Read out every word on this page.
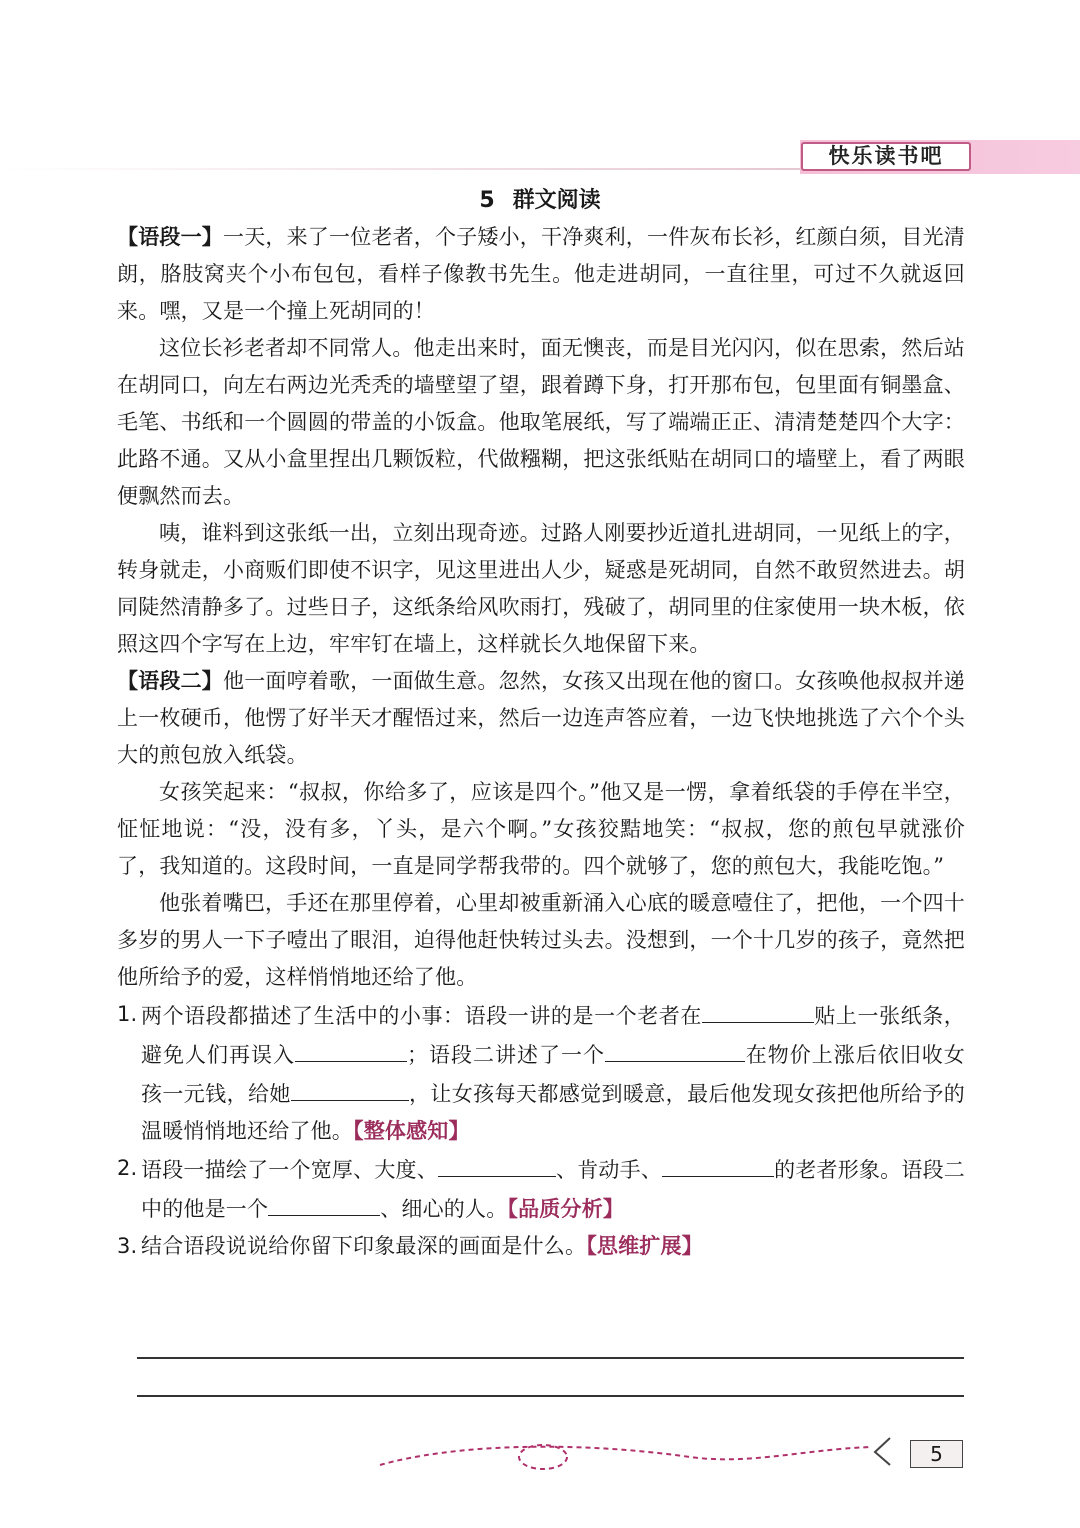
快乐读书吧
5 群文阅读

【语段一】一天，来了一位老者，个子矮小，干净爽利，一件灰布长衫，红颜白须，目光清朗，胳肢窝夹个小布包包，看样子像教书先生。他走进胡同，一直往里，可过不久就返回来。嘿，又是一个撞上死胡同的！

这位长衫老者却不同常人。他走出来时，面无懊丧，而是目光闪闪，似在思索，然后站在胡同口，向左右两边光秃秃的墙壁望了望，跟着蹲下身，打开那布包，包里面有铜墨盒、毛笔、书纸和一个圆圆的带盖的小饭盒。他取笔展纸，写了端端正正、清清楚楚四个大字：此路不通。又从小盒里捏出几颗饭粒，代做糨糊，把这张纸贴在胡同口的墙壁上，看了两眼便飘然而去。

咦，谁料到这张纸一出，立刻出现奇迹。过路人刚要抄近道扎进胡同，一见纸上的字，转身就走，小商贩们即使不识字，见这里进出人少，疑惑是死胡同，自然不敢贸然进去。胡同陡然清静多了。过些日子，这纸条给风吹雨打，残破了，胡同里的住家使用一块木板，依照这四个字写在上边，牢牢钉在墙上，这样就长久地保留下来。

【语段二】他一面哼着歌，一面做生意。忽然，女孩又出现在他的窗口。女孩唤他叔叔并递上一枚硬币，他愣了好半天才醒悟过来，然后一边连声答应着，一边飞快地挑选了六个个头大的煎包放入纸袋。

女孩笑起来：“叔叔，你给多了，应该是四个。”他又是一愣，拿着纸袋的手停在半空，怔怔地说：“没，没有多，丫头，是六个啊。”女孩狡黠地笑：“叔叔，您的煎包早就涨价了，我知道的。这段时间，一直是同学帮我带的。四个就够了，您的煎包大，我能吃饱。”

他张着嘴巴，手还在那里停着，心里却被重新涌入心底的暖意噎住了，把他，一个四十多岁的男人一下子噎出了眼泪，迫得他赶快转过头去。没想到，一个十几岁的孩子，竟然把他所给予的爱，这样悄悄地还给了他。

1. 两个语段都描述了生活中的小事：语段一讲的是一个老者在	贴上一张纸条，避免人们再误入	；语段二讲述了一个	在物价上涨后依旧收女孩一元钱，给她	，让女孩每天都感觉到暖意，最后他发现女孩把他所给予的温暖悄悄地还给了他。【整体感知】
2. 语段一描绘了一个宽厚、大度、	、肯动手、	的老者形象。语段二中的他是一个	、细心的人。【品质分析】
3. 结合语段说说给你留下印象最深的画面是什么。【思维扩展】
5
